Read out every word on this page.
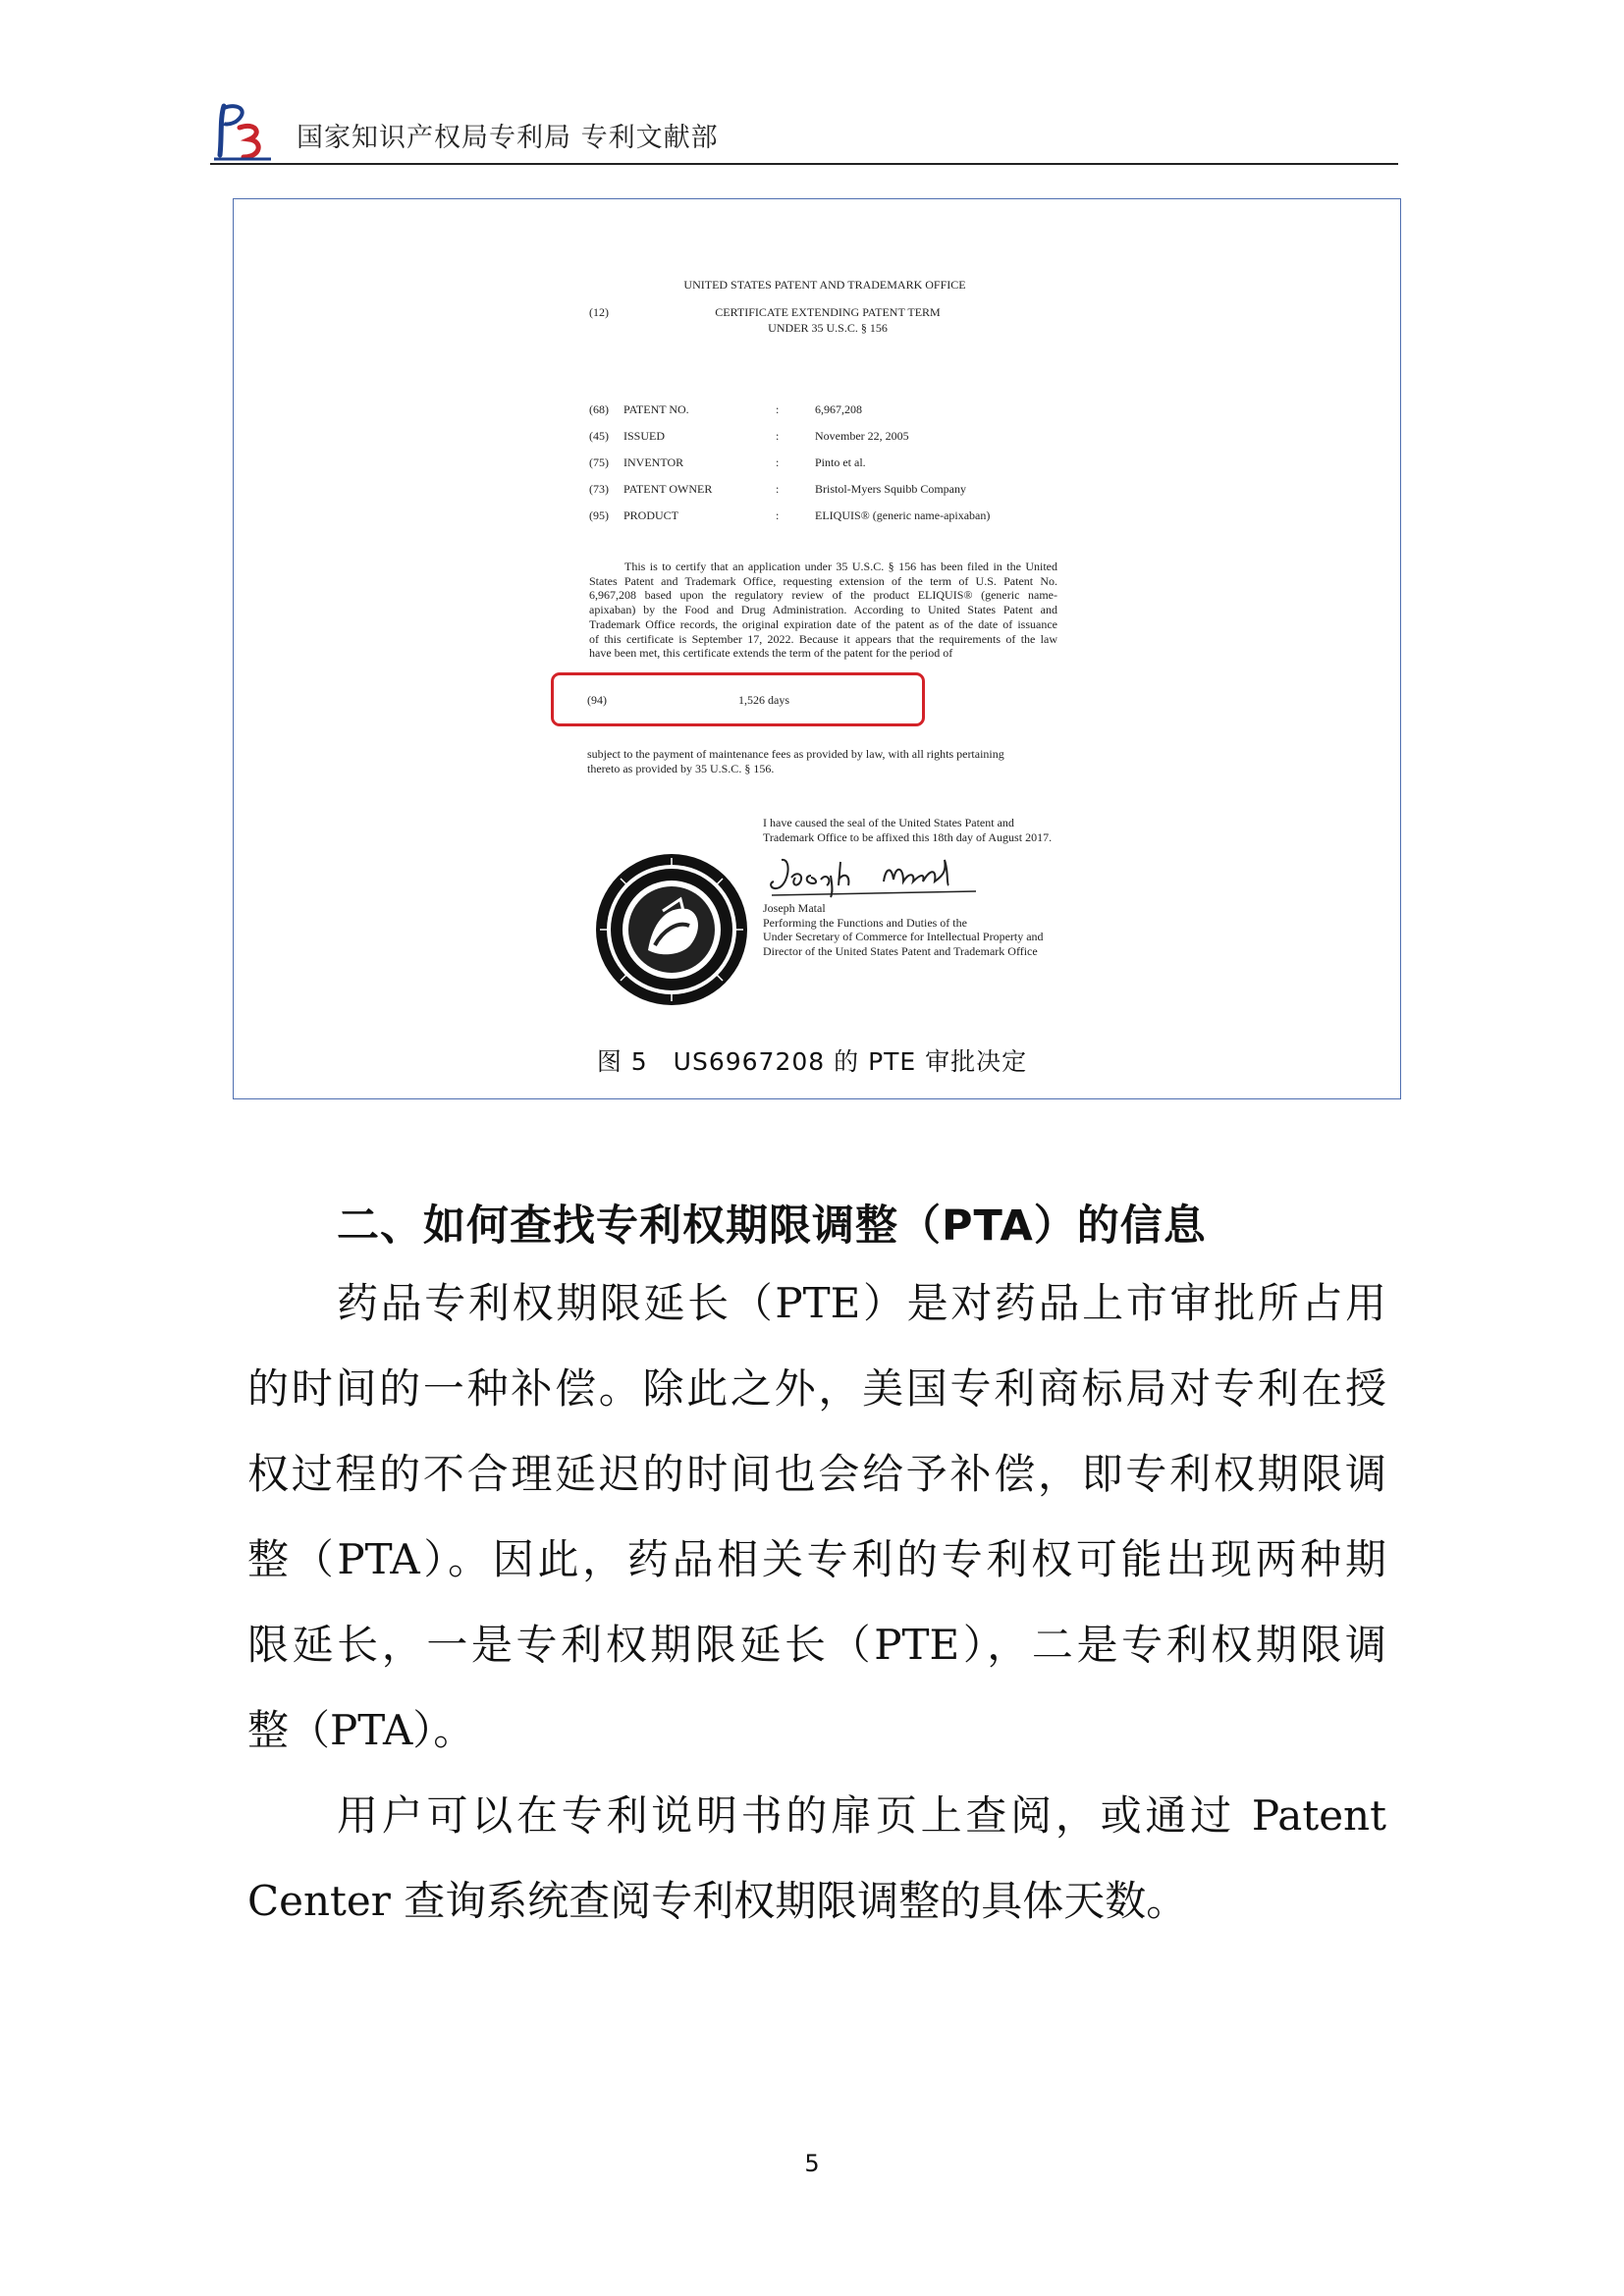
国家知识产权局专利局 专利文献部
UNITED STATES PATENT AND TRADEMARK OFFICE
(12)	CERTIFICATE EXTENDING PATENT TERM
UNDER 35 U.S.C. § 156
(68) PATENT NO.	:	6,967,208
(45) ISSUED	:	November 22, 2005
(75) INVENTOR	:	Pinto et al.
(73) PATENT OWNER	:	Bristol-Myers Squibb Company
(95) PRODUCT	:	ELIQUIS® (generic name-apixaban)
This is to certify that an application under 35 U.S.C. § 156 has been filed in the United
States Patent and Trademark Office, requesting extension of the term of U.S. Patent No.
6,967,208 based upon the regulatory review of the product ELIQUIS® (generic name-
apixaban) by the Food and Drug Administration. According to United States Patent and
Trademark Office records, the original expiration date of the patent as of the date of issuance
of this certificate is September 17, 2022. Because it appears that the requirements of the law
have been met, this certificate extends the term of the patent for the period of
(94)	1,526 days
subject to the payment of maintenance fees as provided by law, with all rights pertaining
thereto as provided by 35 U.S.C. § 156.
I have caused the seal of the United States Patent and
Trademark Office to be affixed this 18th day of August 2017.
Joseph Matal
Performing the Functions and Duties of the
Under Secretary of Commerce for Intellectual Property and
Director of the United States Patent and Trademark Office
图 5　US6967208 的 PTE 审批决定
二、如何查找专利权期限调整（PTA）的信息
药品专利权期限延长（PTE）是对药品上市审批所占用
的时间的一种补偿。除此之外，美国专利商标局对专利在授
权过程的不合理延迟的时间也会给予补偿，即专利权期限调
整（PTA）。因此，药品相关专利的专利权可能出现两种期
限延长，一是专利权期限延长（PTE），二是专利权期限调
整（PTA）。
用户可以在专利说明书的扉页上查阅，或通过 Patent
Center 查询系统查阅专利权期限调整的具体天数。
5
